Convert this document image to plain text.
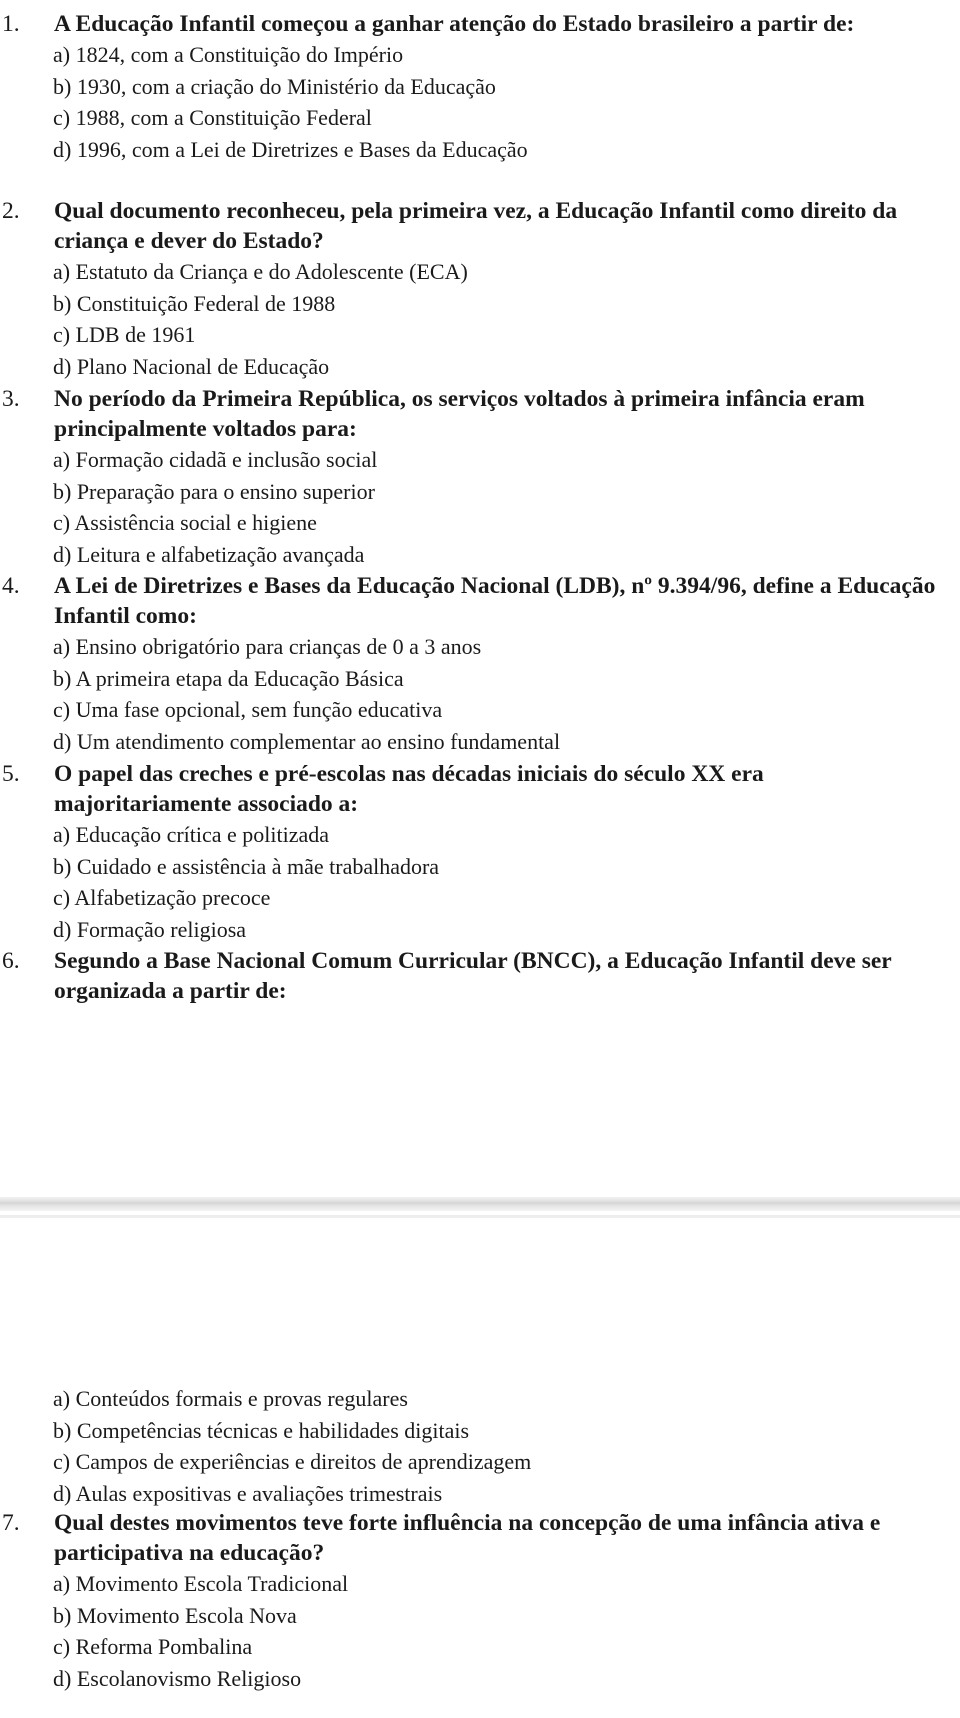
1.	A Educação Infantil começou a ganhar atenção do Estado brasileiro a partir de:
a) 1824, com a Constituição do Império
b) 1930, com a criação do Ministério da Educação
c) 1988, com a Constituição Federal
d) 1996, com a Lei de Diretrizes e Bases da Educação
2.	Qual documento reconheceu, pela primeira vez, a Educação Infantil como direito da criança e dever do Estado?
a) Estatuto da Criança e do Adolescente (ECA)
b) Constituição Federal de 1988
c) LDB de 1961
d) Plano Nacional de Educação
3.	No período da Primeira República, os serviços voltados à primeira infância eram principalmente voltados para:
a) Formação cidadã e inclusão social
b) Preparação para o ensino superior
c) Assistência social e higiene
d) Leitura e alfabetização avançada
4.	A Lei de Diretrizes e Bases da Educação Nacional (LDB), nº 9.394/96, define a Educação Infantil como:
a) Ensino obrigatório para crianças de 0 a 3 anos
b) A primeira etapa da Educação Básica
c) Uma fase opcional, sem função educativa
d) Um atendimento complementar ao ensino fundamental
5.	O papel das creches e pré-escolas nas décadas iniciais do século XX era majoritariamente associado a:
a) Educação crítica e politizada
b) Cuidado e assistência à mãe trabalhadora
c) Alfabetização precoce
d) Formação religiosa
6.	Segundo a Base Nacional Comum Curricular (BNCC), a Educação Infantil deve ser organizada a partir de:
a) Conteúdos formais e provas regulares
b) Competências técnicas e habilidades digitais
c) Campos de experiências e direitos de aprendizagem
d) Aulas expositivas e avaliações trimestrais
7.	Qual destes movimentos teve forte influência na concepção de uma infância ativa e participativa na educação?
a) Movimento Escola Tradicional
b) Movimento Escola Nova
c) Reforma Pombalina
d) Escolanovismo Religioso
